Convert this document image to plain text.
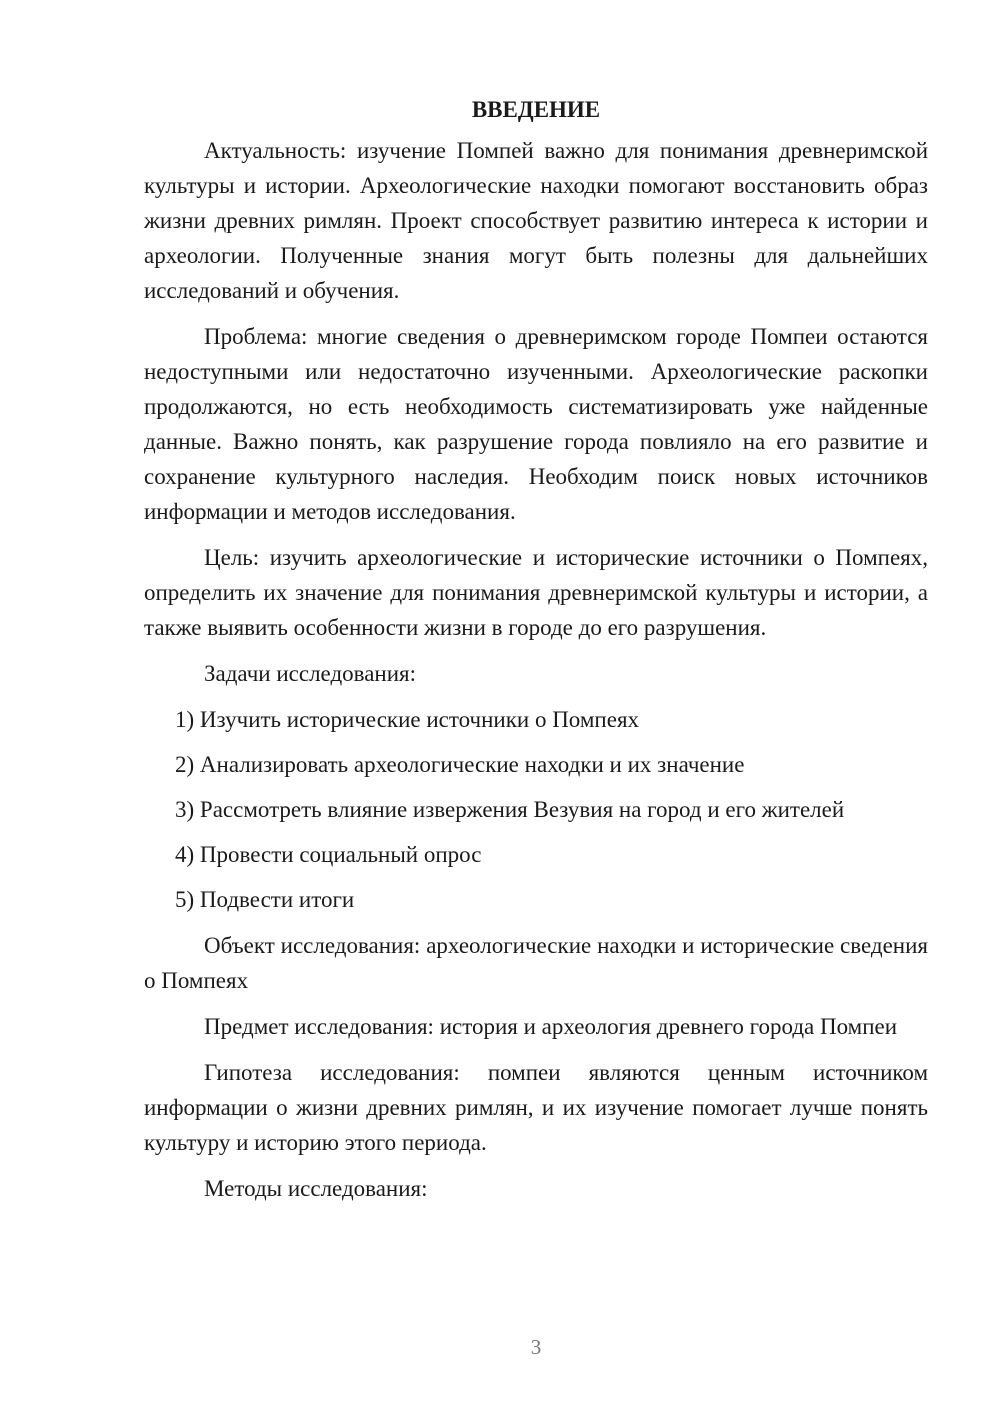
ВВЕДЕНИЕ

Актуальность: изучение Помпей важно для понимания древнеримской культуры и истории. Археологические находки помогают восстановить образ жизни древних римлян. Проект способствует развитию интереса к истории и археологии. Полученные знания могут быть полезны для дальнейших исследований и обучения.

Проблема: многие сведения о древнеримском городе Помпеи остаются недоступными или недостаточно изученными. Археологические раскопки продолжаются, но есть необходимость систематизировать уже найденные данные. Важно понять, как разрушение города повлияло на его развитие и сохранение культурного наследия. Необходим поиск новых источников информации и методов исследования.

Цель: изучить археологические и исторические источники о Помпеях, определить их значение для понимания древнеримской культуры и истории, а также выявить особенности жизни в городе до его разрушения.

Задачи исследования:

1) Изучить исторические источники о Помпеях
2) Анализировать археологические находки и их значение
3) Рассмотреть влияние извержения Везувия на город и его жителей
4) Провести социальный опрос
5) Подвести итоги

Объект исследования: археологические находки и исторические сведения о Помпеях

Предмет исследования: история и археология древнего города Помпеи

Гипотеза исследования: помпеи являются ценным источником информации о жизни древних римлян, и их изучение помогает лучше понять культуру и историю этого периода.

Методы исследования:

3
